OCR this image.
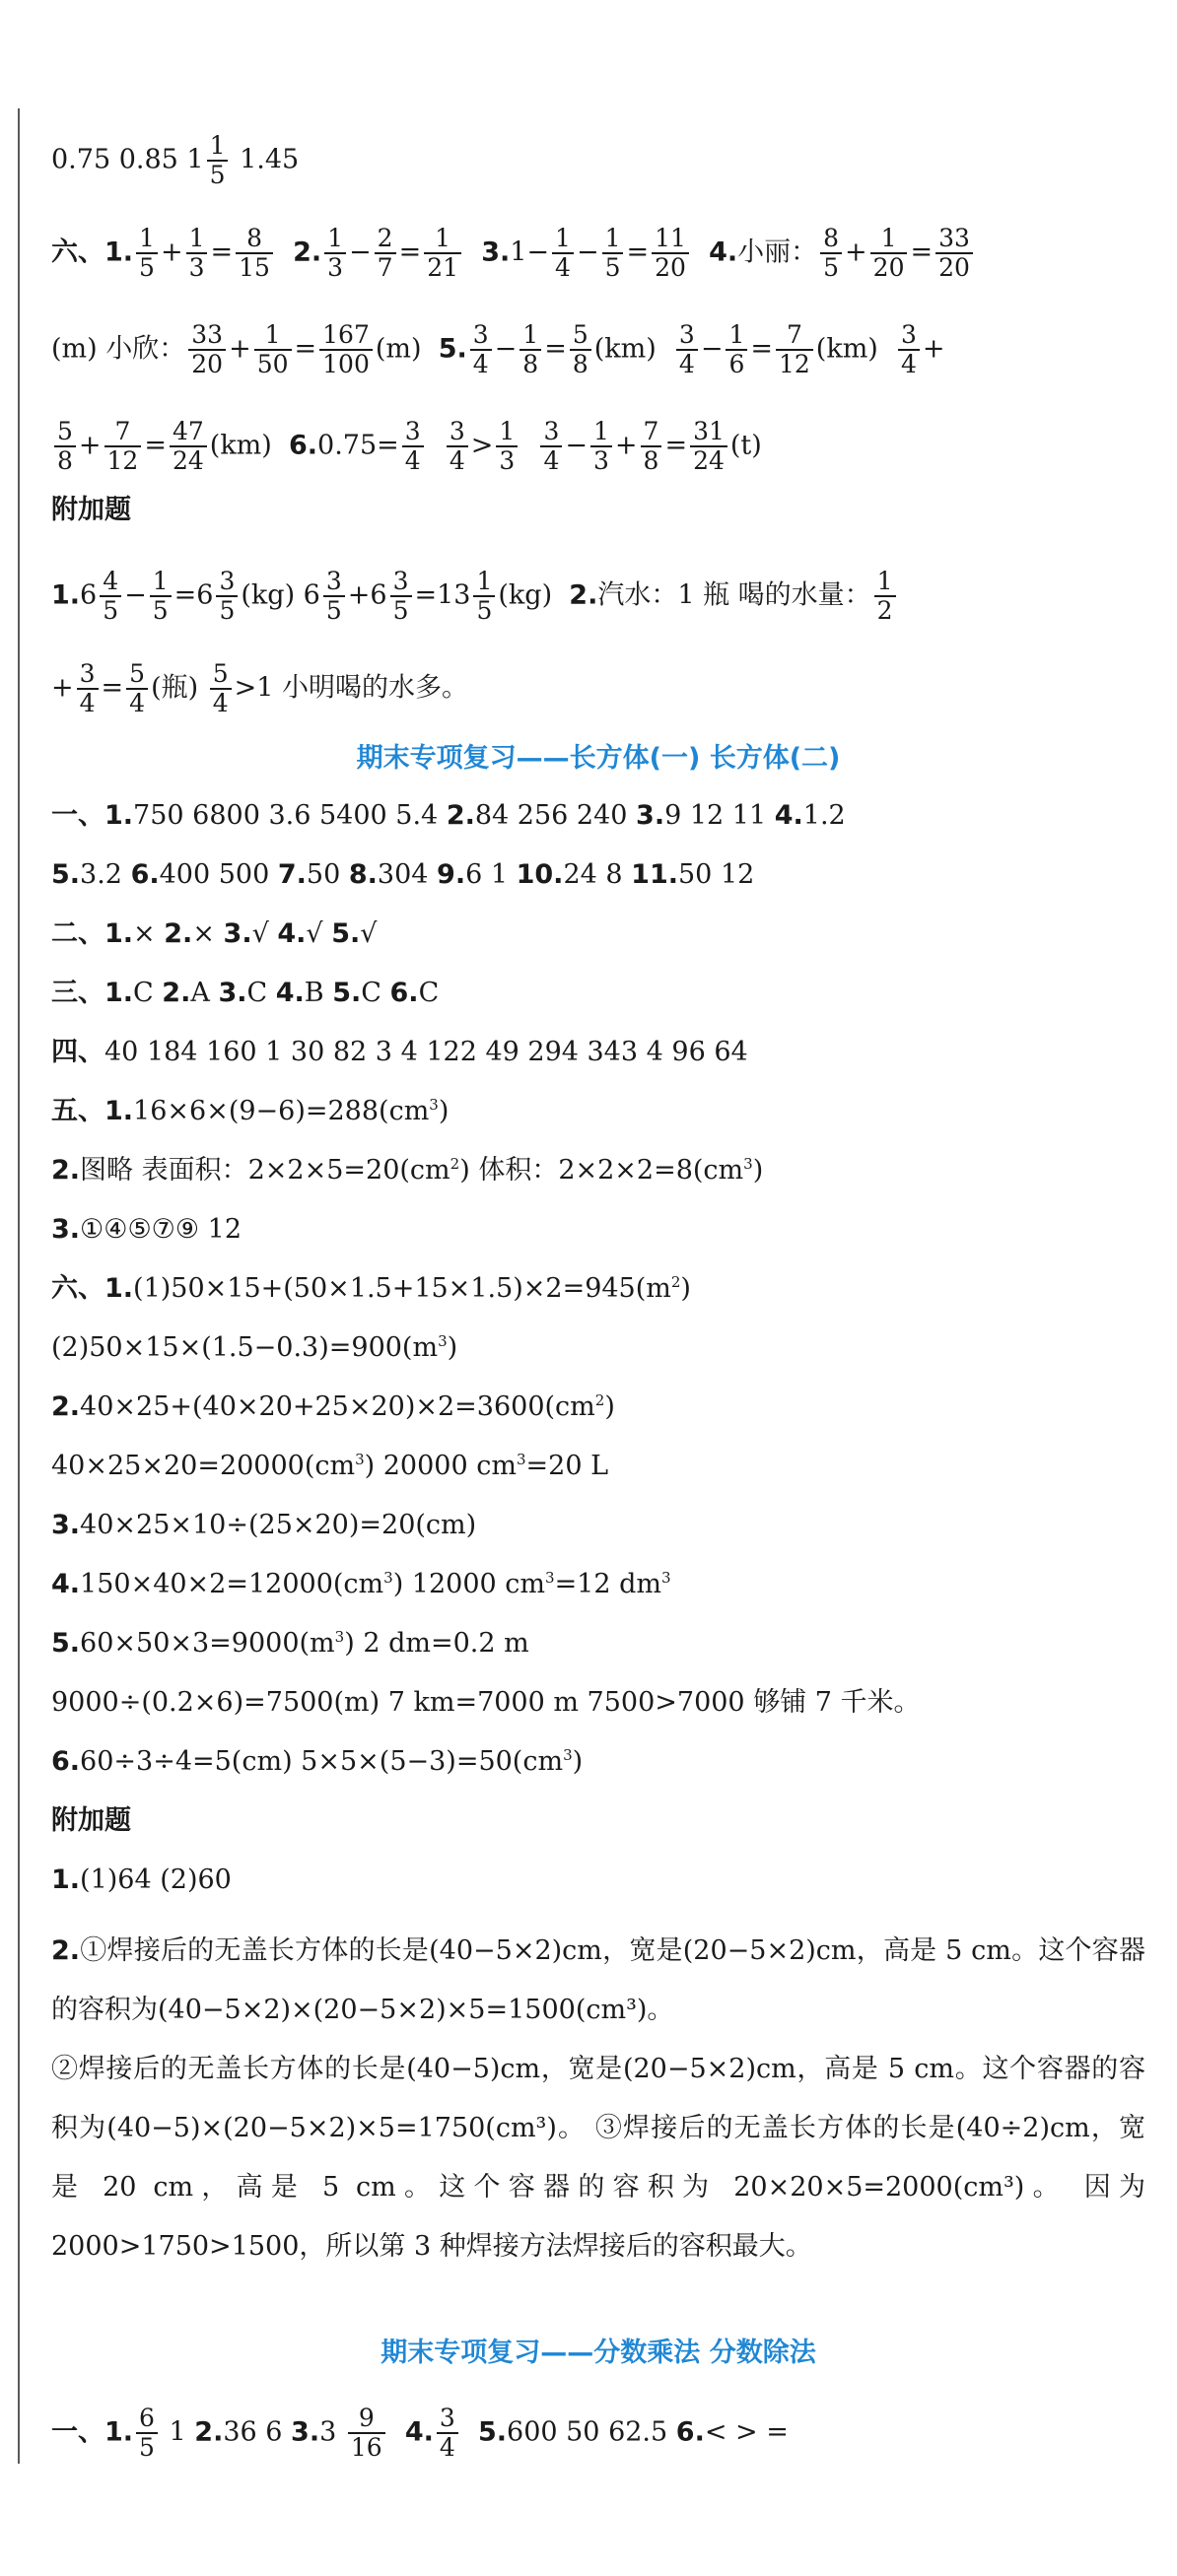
0.75 0.85 $1 \frac{1}{5} 1.45$
六、1. $\frac{1}{5} + \frac{1}{3} = \frac{8}{15} 2$. $\frac{1}{3} - \frac{2}{7} = \frac{1}{21} 3.1- \frac{1}{4} - \frac{1}{5} = \frac{11}{20} 4$.小丽： $\frac{8}{5} + \frac{1}{20} = \frac{33}{20}$
(m) 小欣： $\frac{33}{20} + \frac{1}{50} = \frac{167}{100} (m)$ 5. $\frac{3}{4} - \frac{1}{8} = \frac{5}{8} (km) \frac{3}{4} - \frac{1}{6} = \frac{7}{12} (km) \frac{3}{4}$ +
$\frac{5}{8} + \frac{7}{12} = \frac{47}{24} (km)$ $6.0.75= \frac{3}{4}$
$\frac{3}{4} > \frac{1}{3}$
$\frac{3}{4} - \frac{1}{3} + \frac{7}{8} = \frac{31}{24} (t)$
附加题
$1.6 \frac{4}{5} - \frac{1}{5} =6 \frac{3}{5} (kg)$ $6 \frac{3}{5} +6 \frac{3}{5} =13 \frac{1}{5} (kg)$ 2.汽水：1 瓶 喝的水量： $\frac{1}{2}$
+ $\frac{3}{4} = \frac{5}{4}$ (瓶) $\frac{5}{4} >1$ 小明喝的水多。
期末专项复习——长方体(一) 长方体(二)
一、1.750 6800 3.6 5400 5.4 2.84 256 240 3.9 12 11 4.1.2
5.3.2 6.400 500 7.50 8.304 9.6 1 10.24 8 11.50 12
二、1.× 2.× 3.√ 4.√ 5.√
三、1.C 2.A 3.C 4.B 5.C 6.C
四、40 184 160 1 30 82 3 4 122 49 294 343 4 96 64
五、$1.16\times 6\times(9-6)=288(cm^3)$
2.图略 表面积：$2\times 2\times 5=20(cm^2)$ 体积：$2\times 2\times 2=8(cm^3)$
3.①④⑤⑦⑨ 12
六、$1.(1)50\times 15+(50\times 1.5+15\times 1.5)\times 2=945(m^2)$
$(2)50\times 15\times(1.5-0.3)=900(m^3)$
$2.40\times 25+(40\times 20+25\times 20)\times 2=3600(cm^2)$
$40\times 25\times 20=20000(cm^3)$ 20000 $cm^3=20$ L
3.40×25×10÷(25×20)=20(cm)
$4.150\times 40\times 2=12000(cm^3)$ 12000 $cm^3=12$ $dm^3$
$5.60\times 50\times 3=9000(m^3)$ 2 dm=0.2 m
9000÷(0.2×6)=7500(m) 7 km=7000 m 7500>7000 够铺 7 千米。
6.60÷3÷4=5(cm) $5\times 5\times(5-3)=50(cm^3)$
附加题
1.(1)64 (2)60
2.①焊接后的无盖长方体的长是(40−5×2)cm，宽是(20−5×2)cm，高是 5 cm。这个容器的容积为(40−5×2)×(20−5×2)×5=1500(cm³)。
②焊接后的无盖长方体的长是(40−5)cm，宽是(20−5×2)cm，高是 5 cm。这个容器的容积为(40−5)×(20−5×2)×5=1750(cm³)。 ③焊接后的无盖长方体的长是(40÷2)cm，宽是 20 cm，高是 5 cm。这个容器的容积为 20×20×5=2000(cm³)。 因为 2000>1750>1500，所以第 3 种焊接方法焊接后的容积最大。
期末专项复习——分数乘法 分数除法
一、1. $\frac{6}{5} 1$ 2.36 6 $3.3 \frac{9}{16} 4$. $\frac{3}{4} 5.600$ 50 62.5 6.< > =
